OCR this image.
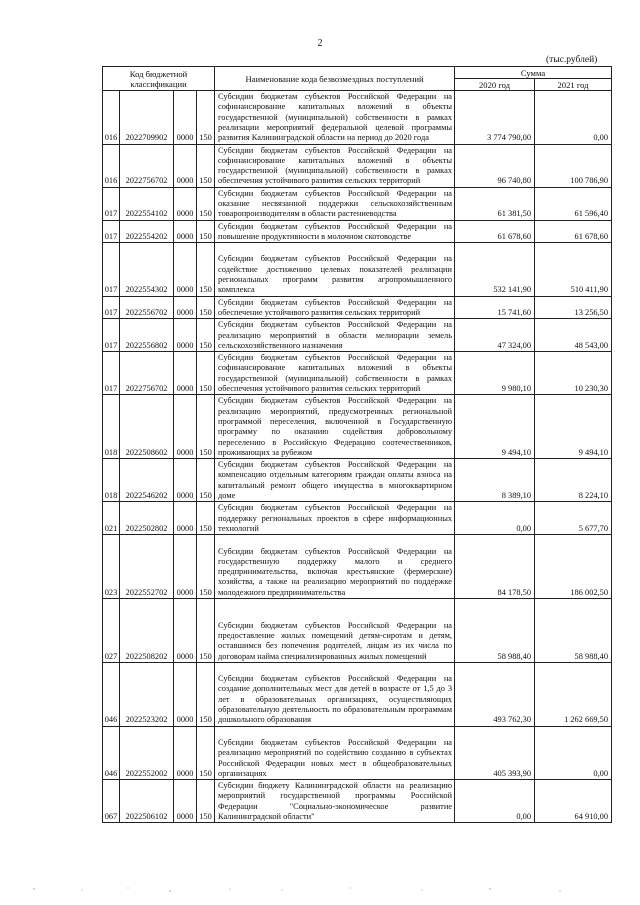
2
(тыс.рублей)
Код бюджетной классификации				Наименование кода безвозмездных поступлений	Сумма	
					2020 год	2021 год
016	2022709902	0000	150	Субсидии бюджетам субъектов Российской Федерации на софинансирование капитальных вложений в объекты государственной (муниципальной) собственности в рамках реализации мероприятий федеральной целевой программы развития Калининградской области на период до 2020 года	3 774 790,00	0,00
016	2022756702	0000	150	Субсидии бюджетам субъектов Российской Федерации на софинансирование капитальных вложений в объекты государственной (муниципальной) собственности в рамках обеспечения устойчивого развития сельских территорий	96 740,80	100 786,90
017	2022554102	0000	150	Субсидии бюджетам субъектов Российской Федерации на оказание несвязанной поддержки сельскохозяйственным товаропроизводителям в области растениеводства	61 381,50	61 596,40
017	2022554202	0000	150	Субсидии бюджетам субъектов Российской Федерации на повышение продуктивности в молочном скотоводстве	61 678,60	61 678,60
017	2022554302	0000	150	Субсидии бюджетам субъектов Российской Федерации на содействие достижению целевых показателей реализации региональных программ развития агропромышленного комплекса	532 141,90	510 411,90
017	2022556702	0000	150	Субсидии бюджетам субъектов Российской Федерации на обеспечение устойчивого развития сельских территорий	15 741,60	13 256,50
017	2022556802	0000	150	Субсидии бюджетам субъектов Российской Федерации на реализацию мероприятий в области мелиорации земель сельскохозяйственного назначения	47 324,00	48 543,00
017	2022756702	0000	150	Субсидии бюджетам субъектов Российской Федерации на софинансирование капитальных вложений в объекты государственной (муниципальной) собственности в рамках обеспечения устойчивого развития сельских территорий	9 980,10	10 230,30
018	2022508602	0000	150	Субсидии бюджетам субъектов Российской Федерации на реализацию мероприятий, предусмотренных региональной программой переселения, включенной в Государственную программу по оказанию содействия добровольному переселению в Российскую Федерацию соотечественников, проживающих за рубежом	9 494,10	9 494,10
018	2022546202	0000	150	Субсидии бюджетам субъектов Российской Федерации на компенсацию отдельным категориям граждан оплаты взноса на капитальный ремонт общего имущества в многоквартирном доме	8 389,10	8 224,10
021	2022502802	0000	150	Субсидии бюджетам субъектов Российской Федерации на поддержку региональных проектов в сфере информационных технологий	0,00	5 677,70
023	2022552702	0000	150	Субсидии бюджетам субъектов Российской Федерации на государственную поддержку малого и среднего предпринимательства, включая крестьянские (фермерские) хозяйства, а также на реализацию мероприятий по поддержке молодежного предпринимательства	84 178,50	186 002,50
027	2022508202	0000	150	Субсидии бюджетам субъектов Российской Федерации на предоставление жилых помещений детям-сиротам и детям, оставшимся без попечения родителей, лицам из их числа по договорам найма специализированных жилых помещений	58 988,40	58 988,40
046	2022523202	0000	150	Субсидии бюджетам субъектов Российской Федерации на создание дополнительных мест для детей в возрасте от 1,5 до 3 лет в образовательных организациях, осуществляющих образовательную деятельность по образовательным программам дошкольного образования	493 762,30	1 262 669,50
046	2022552002	0000	150	Субсидии бюджетам субъектов Российской Федерации на реализацию мероприятий по содействию созданию в субъектах Российской Федерации новых мест в общеобразовательных организациях	405 393,90	0,00
067	2022506102	0000	150	Субсидии бюджету Калининградской области на реализацию мероприятий государственной программы Российской Федерации "Социально-экономическое развитие Калининградской области"	0,00	64 910,00
